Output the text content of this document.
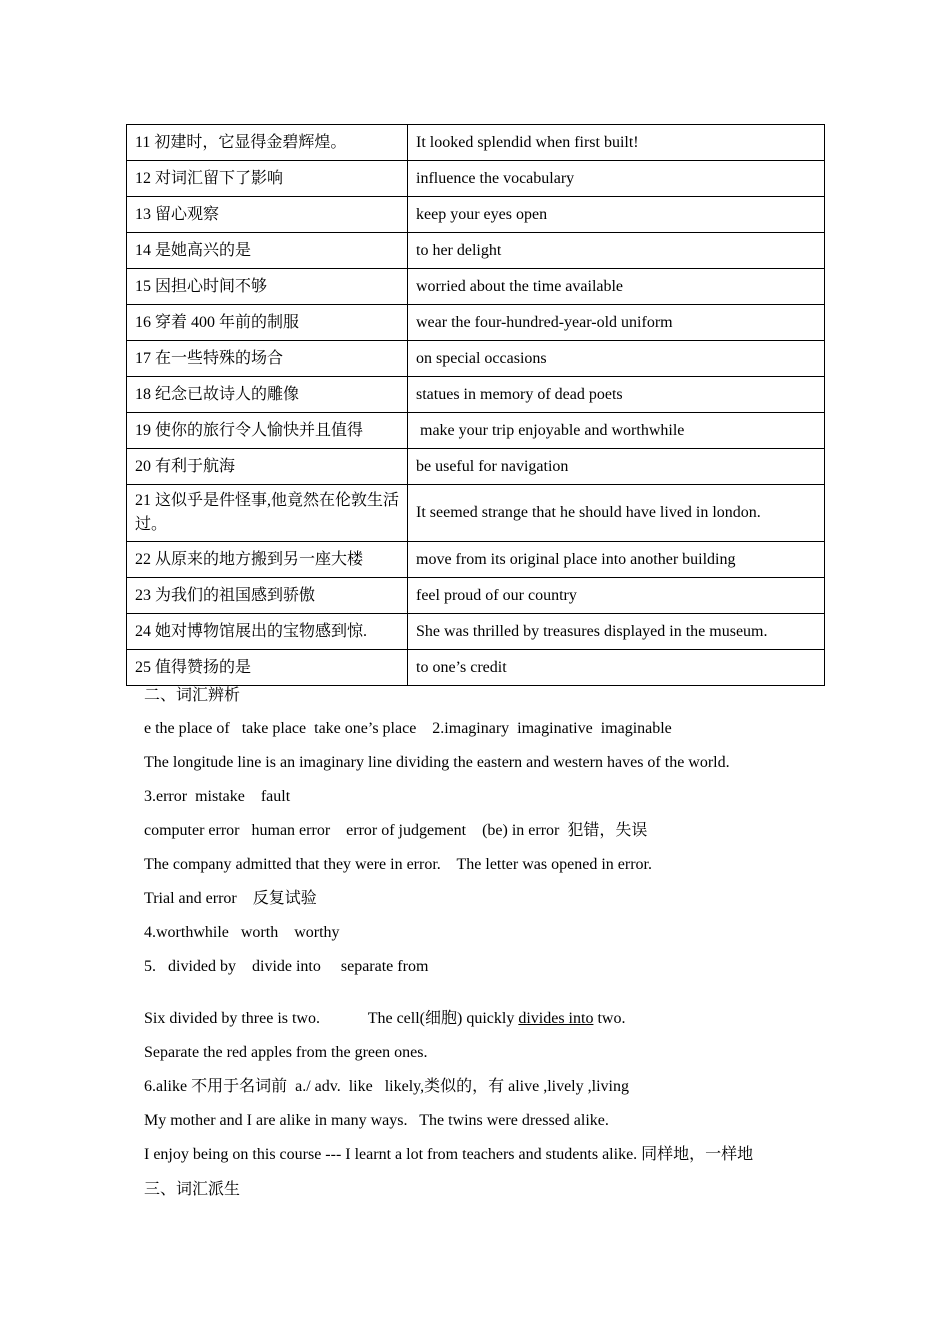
11 初建时，它显得金碧辉煌。	It looked splendid when first built!
12 对词汇留下了影响	influence the vocabulary
13 留心观察	keep your eyes open
14 是她高兴的是	to her delight
15 因担心时间不够	worried about the time available
16 穿着 400 年前的制服	wear the four-hundred-year-old uniform
17 在一些特殊的场合	on special occasions
18 纪念已故诗人的雕像	statues in memory of dead poets
19 使你的旅行令人愉快并且值得	make your trip enjoyable and worthwhile
20 有利于航海	be useful for navigation
21 这似乎是件怪事,他竟然在伦敦生活过。	It seemed strange that he should have lived in london.
22 从原来的地方搬到另一座大楼	move from its original place into another building
23 为我们的祖国感到骄傲	feel proud of our country
24 她对博物馆展出的宝物感到惊.	She was thrilled by treasures displayed in the museum.
25 值得赞扬的是	to one’s credit
二、词汇辨析
e the place of   take place  take one’s place    2.imaginary  imaginative  imaginable
The longitude line is an imaginary line dividing the eastern and western haves of the world.
3.error  mistake    fault
computer error   human error    error of judgement    (be) in error  犯错，失误
The company admitted that they were in error.    The letter was opened in error.
Trial and error    反复试验
4.worthwhile   worth    worthy
5.   divided by    divide into     separate from
Six divided by three is two.            The cell(细胞) quickly divides into two.
Separate the red apples from the green ones.
6.alike 不用于名词前  a./ adv.  like   likely,类似的，有 alive ,lively ,living
My mother and I are alike in many ways.   The twins were dressed alike.
I enjoy being on this course --- I learnt a lot from teachers and students alike. 同样地，一样地
三、词汇派生
